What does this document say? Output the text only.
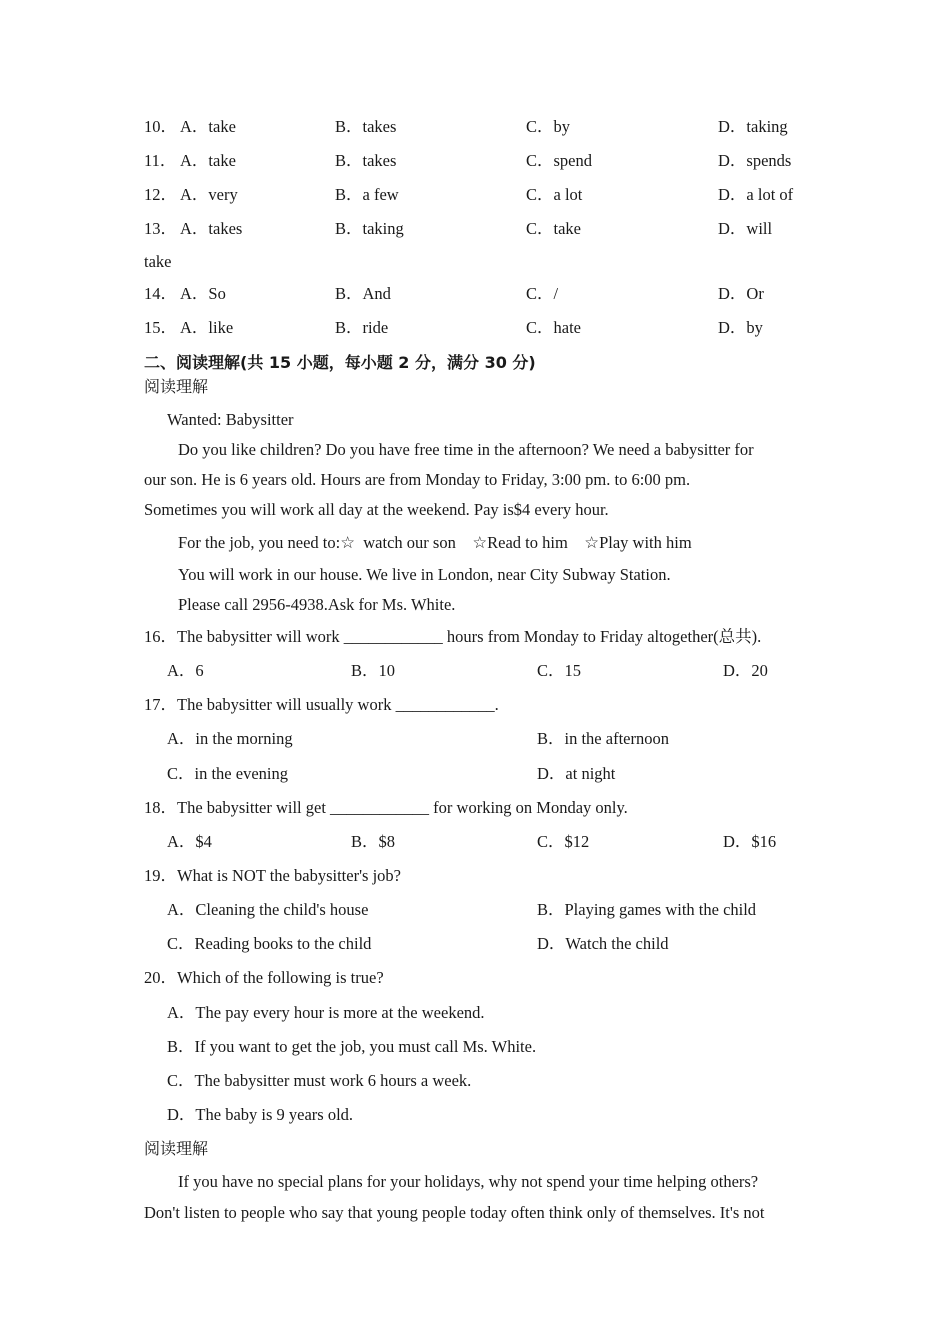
10． A．take	B．takes	C．by	D．taking
11． A．take	B．takes	C．spend	D．spends
12． A．very	B．a few	C．a lot	D．a lot of
13． A．takes	B．taking	C．take	D．will
take
14． A．So	B．And	C．/	D．Or
15． A．like	B．ride	C．hate	D．by
二、阅读理解(共 15 小题，每小题 2 分，满分 30 分)
阅读理解
Wanted: Babysitter
Do you like children? Do you have free time in the afternoon? We need a babysitter for
our son. He is 6 years old. Hours are from Monday to Friday, 3:00 pm. to 6:00 pm.
Sometimes you will work all day at the weekend. Pay is$4 every hour.
For the job, you need to:☆  watch our son    ☆Read to him    ☆Play with him
You will work in our house. We live in London, near City Subway Station.
Please call 2956-4938.Ask for Ms. White.
16．The babysitter will work ____________ hours from Monday to Friday altogether(总共).
A．6	B．10	C．15	D．20
17．The babysitter will usually work ____________.
A．in the morning	B．in the afternoon
C．in the evening	D．at night
18．The babysitter will get ____________ for working on Monday only.
A．$4	B．$8	C．$12	D．$16
19．What is NOT the babysitter's job?
A．Cleaning the child's house	B．Playing games with the child
C．Reading books to the child	D．Watch the child
20．Which of the following is true?
A．The pay every hour is more at the weekend.
B．If you want to get the job, you must call Ms. White.
C．The babysitter must work 6 hours a week.
D．The baby is 9 years old.
阅读理解
If you have no special plans for your holidays, why not spend your time helping others?
Don't listen to people who say that young people today often think only of themselves. It's not
